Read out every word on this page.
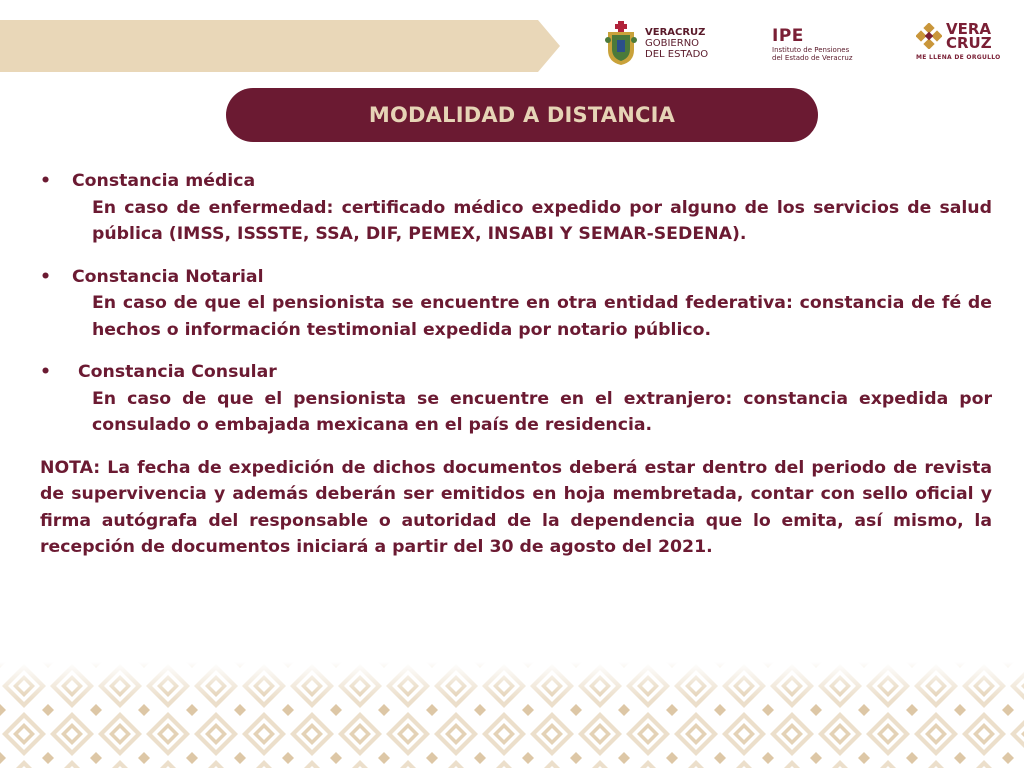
VERACRUZ
GOBIERNO
DEL ESTADO
IPE
Instituto de Pensiones
del Estado de Veracruz
VERA
CRUZ
ME LLENA DE ORGULLO
MODALIDAD A DISTANCIA
•	Constancia médica
En caso de enfermedad: certificado médico expedido por alguno de los servicios de salud pública (IMSS, ISSSTE, SSA, DIF, PEMEX, INSABI Y SEMAR-SEDENA).
•	Constancia Notarial
En caso de que el pensionista se encuentre en otra entidad federativa: constancia de fé de hechos o información testimonial expedida por notario público.
•	Constancia Consular
En caso de que el pensionista se encuentre en el extranjero: constancia expedida por consulado o embajada mexicana en el país de residencia.
NOTA: La fecha de expedición de dichos documentos deberá estar dentro del periodo de revista de supervivencia y además deberán ser emitidos en hoja membretada, contar con sello oficial y firma autógrafa del responsable o autoridad de la dependencia que lo emita, así mismo, la recepción de documentos iniciará a partir del 30 de agosto del 2021.
